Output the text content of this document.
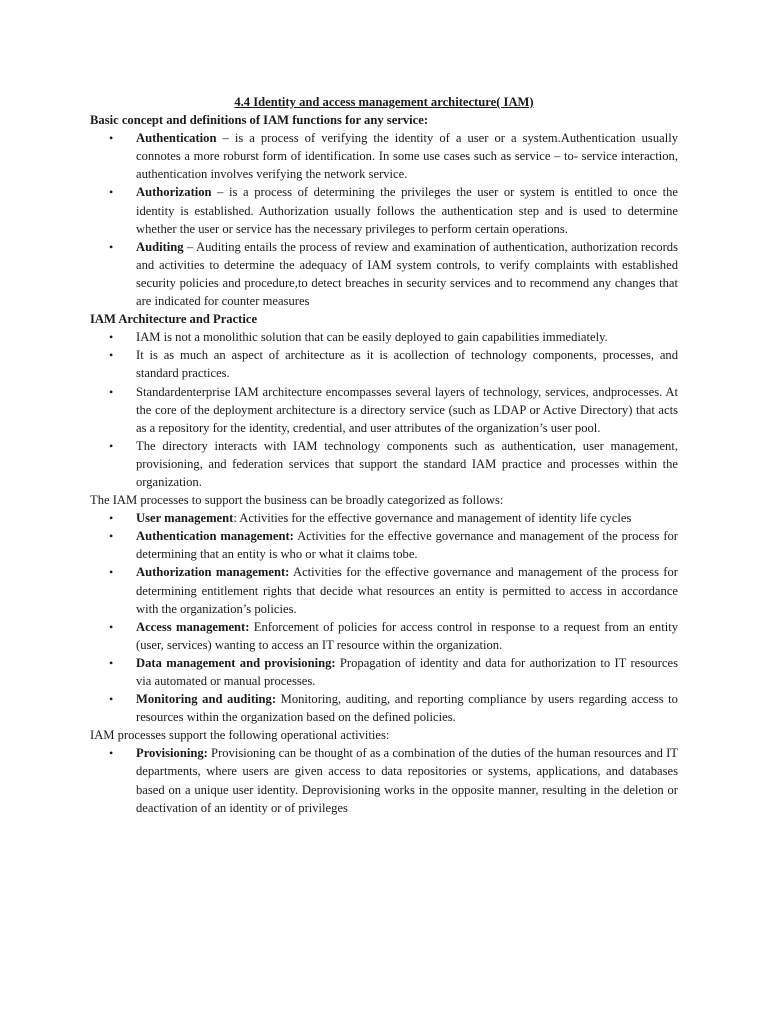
4.4 Identity and access management architecture( IAM)

Basic concept and definitions of IAM functions for any service:

• Authentication – is a process of verifying the identity of a user or a system.Authentication usually connotes a more roburst form of identification. In some use cases such as service – to- service interaction, authentication involves verifying the network service.
• Authorization – is a process of determining the privileges the user or system is entitled to once the identity is established. Authorization usually follows the authentication step and is used to determine whether the user or service has the necessary privileges to perform certain operations.
• Auditing – Auditing entails the process of review and examination of authentication, authorization records and activities to determine the adequacy of IAM system controls, to verify complaints with established security policies and procedure,to detect breaches in security services and to recommend any changes that are indicated for counter measures

IAM Architecture and Practice

• IAM is not a monolithic solution that can be easily deployed to gain capabilities immediately.
• It is as much an aspect of architecture as it is acollection of technology components, processes, and standard practices.
• Standardenterprise IAM architecture encompasses several layers of technology, services, andprocesses. At the core of the deployment architecture is a directory service (such as LDAP or Active Directory) that acts as a repository for the identity, credential, and user attributes of the organization’s user pool.
• The directory interacts with IAM technology components such as authentication, user management, provisioning, and federation services that support the standard IAM practice and processes within the organization.

The IAM processes to support the business can be broadly categorized as follows:

• User management: Activities for the effective governance and management of identity life cycles
• Authentication management: Activities for the effective governance and management of the process for determining that an entity is who or what it claims tobe.
• Authorization management: Activities for the effective governance and management of the process for determining entitlement rights that decide what resources an entity is permitted to access in accordance with the organization’s policies.
• Access management: Enforcement of policies for access control in response to a request from an entity (user, services) wanting to access an IT resource within the organization.
• Data management and provisioning: Propagation of identity and data for authorization to IT resources via automated or manual processes.
• Monitoring and auditing: Monitoring, auditing, and reporting compliance by users regarding access to resources within the organization based on the defined policies.

IAM processes support the following operational activities:

• Provisioning: Provisioning can be thought of as a combination of the duties of the human resources and IT departments, where users are given access to data repositories or systems, applications, and databases based on a unique user identity. Deprovisioning works in the opposite manner, resulting in the deletion or deactivation of an identity or of privileges
